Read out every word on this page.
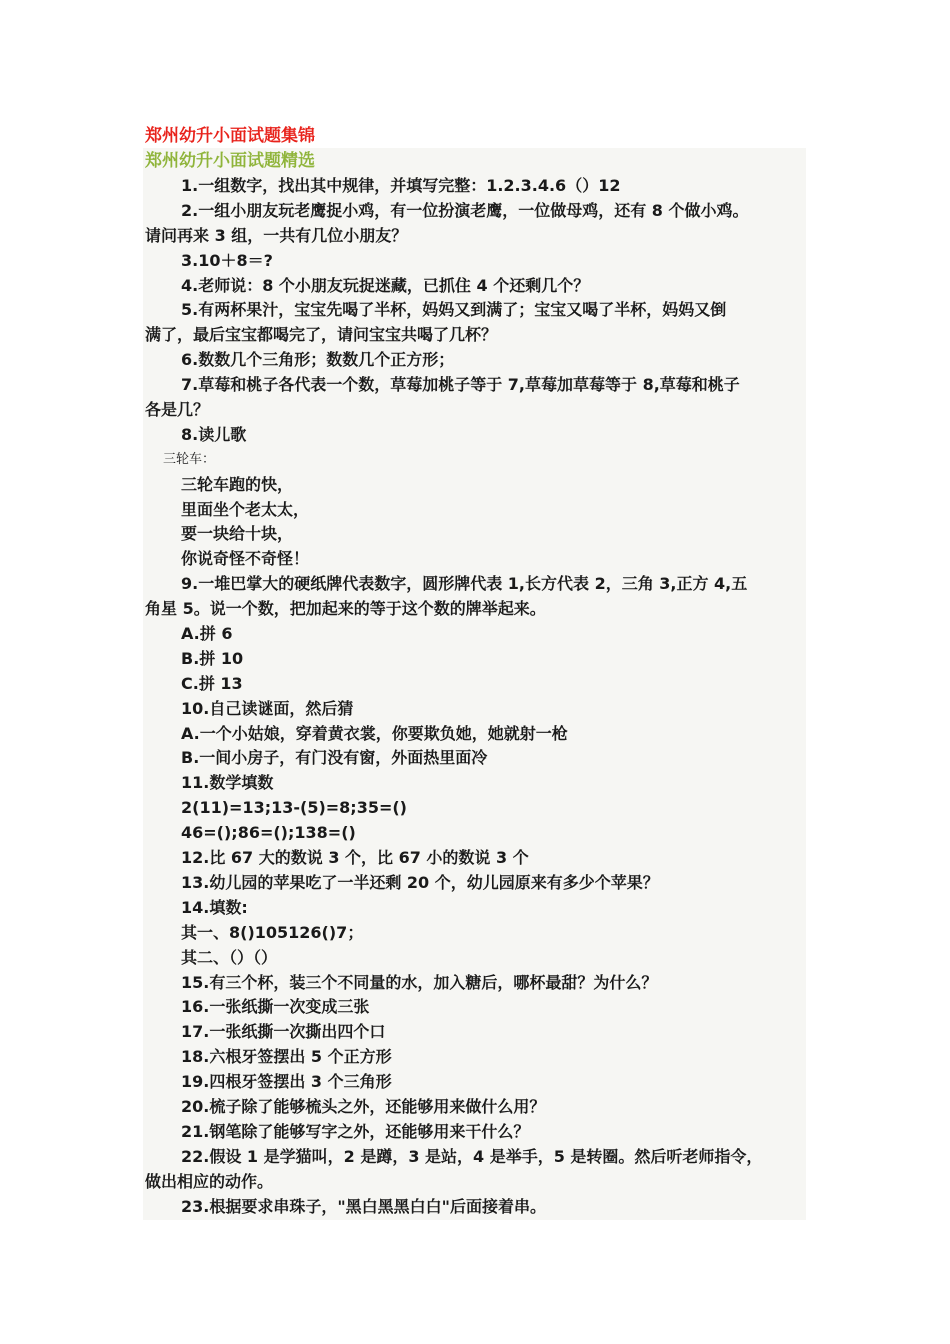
郑州幼升小面试题集锦
郑州幼升小面试题精选
1.一组数字，找出其中规律，并填写完整：1.2.3.4.6（）12
2.一组小朋友玩老鹰捉小鸡，有一位扮演老鹰，一位做母鸡，还有 8 个做小鸡。
请问再来 3 组，一共有几位小朋友？
3.10＋8＝?
4.老师说：8 个小朋友玩捉迷藏，已抓住 4 个还剩几个？
5.有两杯果汁，宝宝先喝了半杯，妈妈又到满了；宝宝又喝了半杯，妈妈又倒
满了，最后宝宝都喝完了，请问宝宝共喝了几杯？
6.数数几个三角形；数数几个正方形；
7.草莓和桃子各代表一个数，草莓加桃子等于 7,草莓加草莓等于 8,草莓和桃子
各是几？
8.读儿歌
三轮车：
三轮车跑的快，
里面坐个老太太，
要一块给十块，
你说奇怪不奇怪！
9.一堆巴掌大的硬纸牌代表数字，圆形牌代表 1,长方代表 2，三角 3,正方 4,五
角星 5。说一个数，把加起来的等于这个数的牌举起来。
A.拼 6
B.拼 10
C.拼 13
10.自己读谜面，然后猜
A.一个小姑娘，穿着黄衣裳，你要欺负她，她就射一枪
B.一间小房子，有门没有窗，外面热里面冷
11.数学填数
2(11)=13;13-(5)=8;35=()
46=();86=();138=()
12.比 67 大的数说 3 个，比 67 小的数说 3 个
13.幼儿园的苹果吃了一半还剩 20 个，幼儿园原来有多少个苹果？
14.填数:
其一、8()105126()7；
其二、（）（）
15.有三个杯，装三个不同量的水，加入糖后，哪杯最甜？为什么？
16.一张纸撕一次变成三张
17.一张纸撕一次撕出四个口
18.六根牙签摆出 5 个正方形
19.四根牙签摆出 3 个三角形
20.梳子除了能够梳头之外，还能够用来做什么用？
21.钢笔除了能够写字之外，还能够用来干什么？
22.假设 1 是学猫叫，2 是蹲，3 是站，4 是举手，5 是转圈。然后听老师指令，
做出相应的动作。
23.根据要求串珠子，"黑白黑黑白白"后面接着串。
